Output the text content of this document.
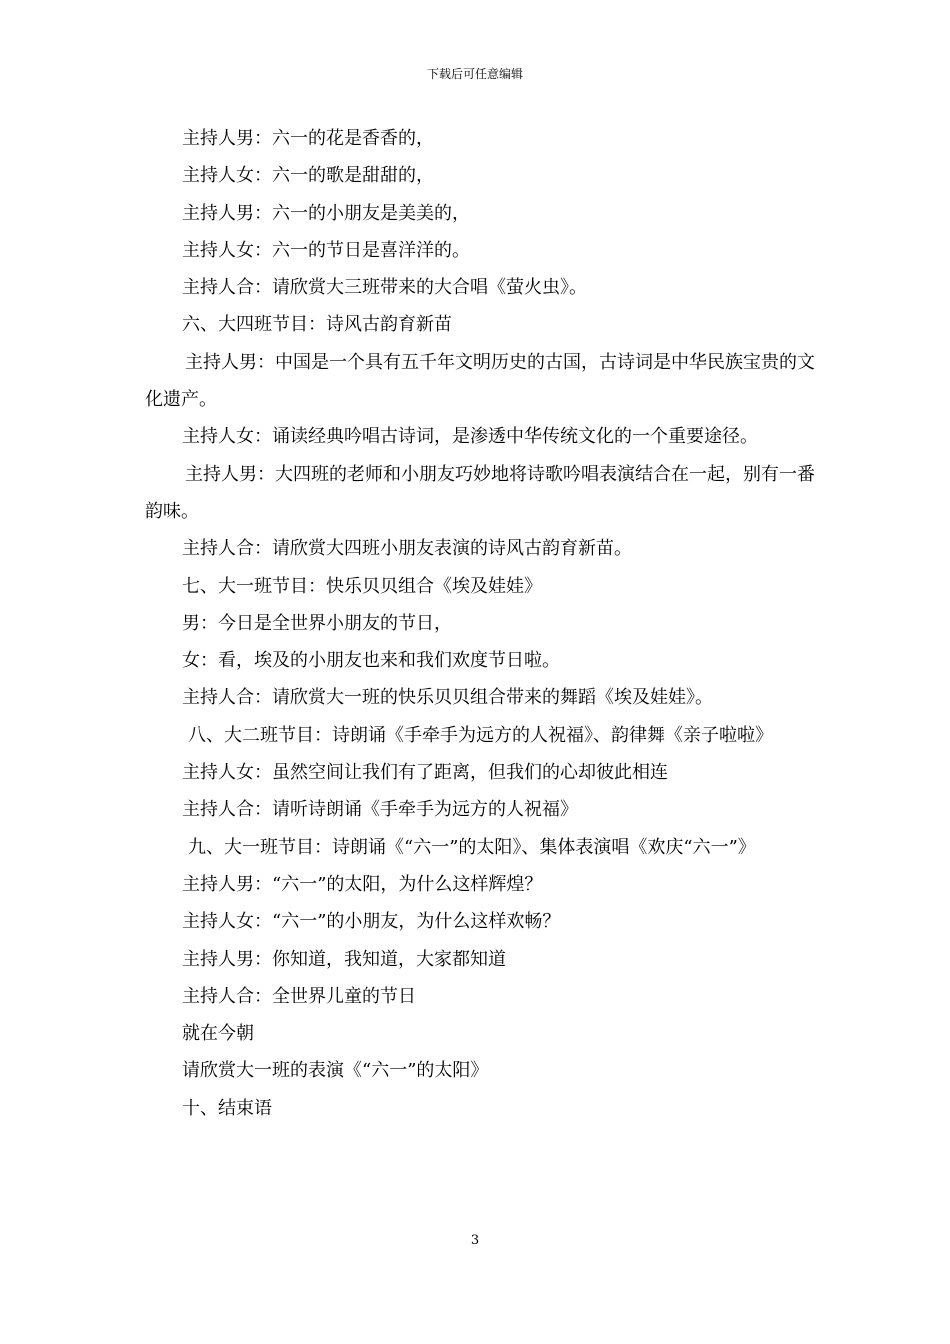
下载后可任意编辑

主持人男：六一的花是香香的，

主持人女：六一的歌是甜甜的，

主持人男：六一的小朋友是美美的，

主持人女：六一的节日是喜洋洋的。

主持人合：请欣赏大三班带来的大合唱《萤火虫》。

六、大四班节目：诗风古韵育新苗

主持人男：中国是一个具有五千年文明历史的古国，古诗词是中华民族宝贵的文化遗产。

主持人女：诵读经典吟唱古诗词，是渗透中华传统文化的一个重要途径。

主持人男：大四班的老师和小朋友巧妙地将诗歌吟唱表演结合在一起，别有一番韵味。

主持人合：请欣赏大四班小朋友表演的诗风古韵育新苗。

七、大一班节目：快乐贝贝组合《埃及娃娃》

男：今日是全世界小朋友的节日，

女：看，埃及的小朋友也来和我们欢度节日啦。

主持人合：请欣赏大一班的快乐贝贝组合带来的舞蹈《埃及娃娃》。

八、大二班节目：诗朗诵《手牵手为远方的人祝福》、韵律舞《亲子啦啦》

主持人女：虽然空间让我们有了距离，但我们的心却彼此相连

主持人合：请听诗朗诵《手牵手为远方的人祝福》

九、大一班节目：诗朗诵《“六一”的太阳》、集体表演唱《欢庆“六一”》

主持人男：“六一”的太阳，为什么这样辉煌？

主持人女：“六一”的小朋友，为什么这样欢畅？

主持人男：你知道，我知道，大家都知道

主持人合：全世界儿童的节日

就在今朝

请欣赏大一班的表演《“六一”的太阳》

十、结束语

3
